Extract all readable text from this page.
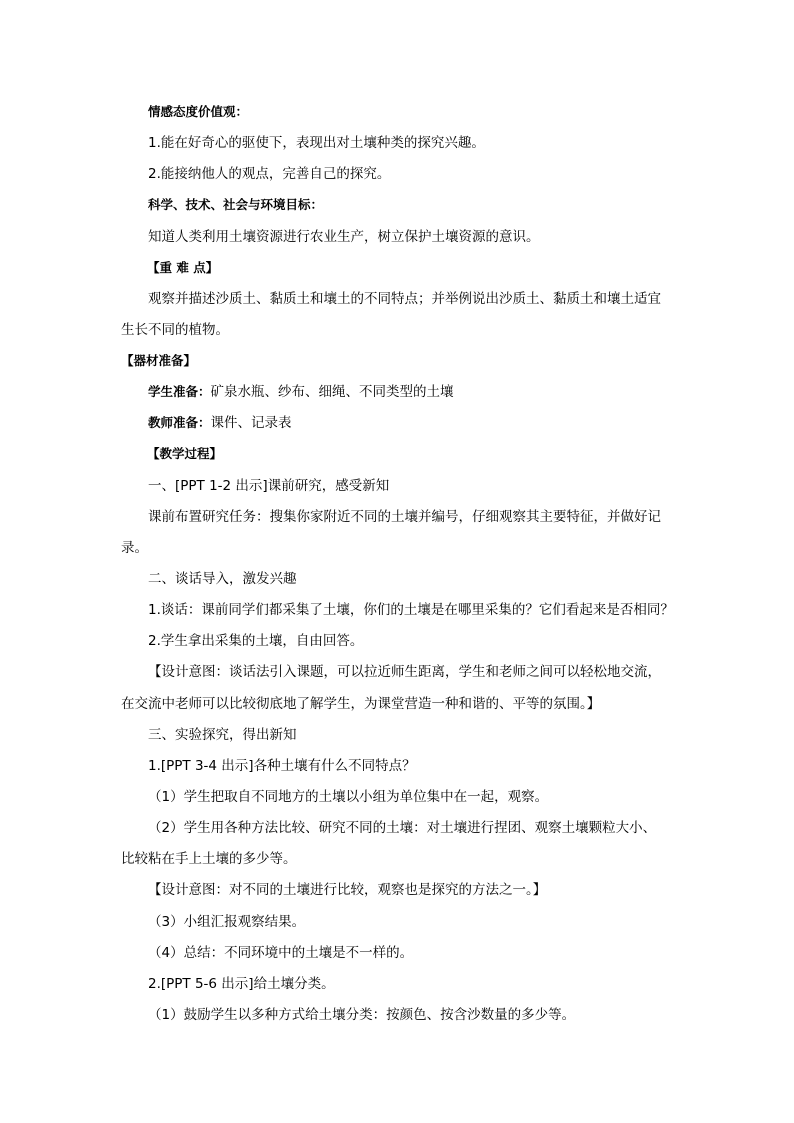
情感态度价值观：
1.能在好奇心的驱使下，表现出对土壤种类的探究兴趣。
2.能接纳他人的观点，完善自己的探究。
科学、技术、社会与环境目标：
知道人类利用土壤资源进行农业生产，树立保护土壤资源的意识。
【重 难 点】
观察并描述沙质土、黏质土和壤土的不同特点；并举例说出沙质土、黏质土和壤土适宜
生长不同的植物。
【器材准备】
学生准备：矿泉水瓶、纱布、细绳、不同类型的土壤
教师准备：课件、记录表
【教学过程】
一、[PPT 1-2 出示]课前研究，感受新知
课前布置研究任务：搜集你家附近不同的土壤并编号，仔细观察其主要特征，并做好记
录。
二、谈话导入，激发兴趣
1.谈话：课前同学们都采集了土壤，你们的土壤是在哪里采集的？它们看起来是否相同？
2.学生拿出采集的土壤，自由回答。
【设计意图：谈话法引入课题，可以拉近师生距离，学生和老师之间可以轻松地交流，
在交流中老师可以比较彻底地了解学生，为课堂营造一种和谐的、平等的氛围。】
三、实验探究，得出新知
1.[PPT 3-4 出示]各种土壤有什么不同特点？
（1）学生把取自不同地方的土壤以小组为单位集中在一起，观察。
（2）学生用各种方法比较、研究不同的土壤：对土壤进行捏团、观察土壤颗粒大小、
比较粘在手上土壤的多少等。
【设计意图：对不同的土壤进行比较，观察也是探究的方法之一。】
（3）小组汇报观察结果。
（4）总结：不同环境中的土壤是不一样的。
2.[PPT 5-6 出示]给土壤分类。
（1）鼓励学生以多种方式给土壤分类：按颜色、按含沙数量的多少等。
